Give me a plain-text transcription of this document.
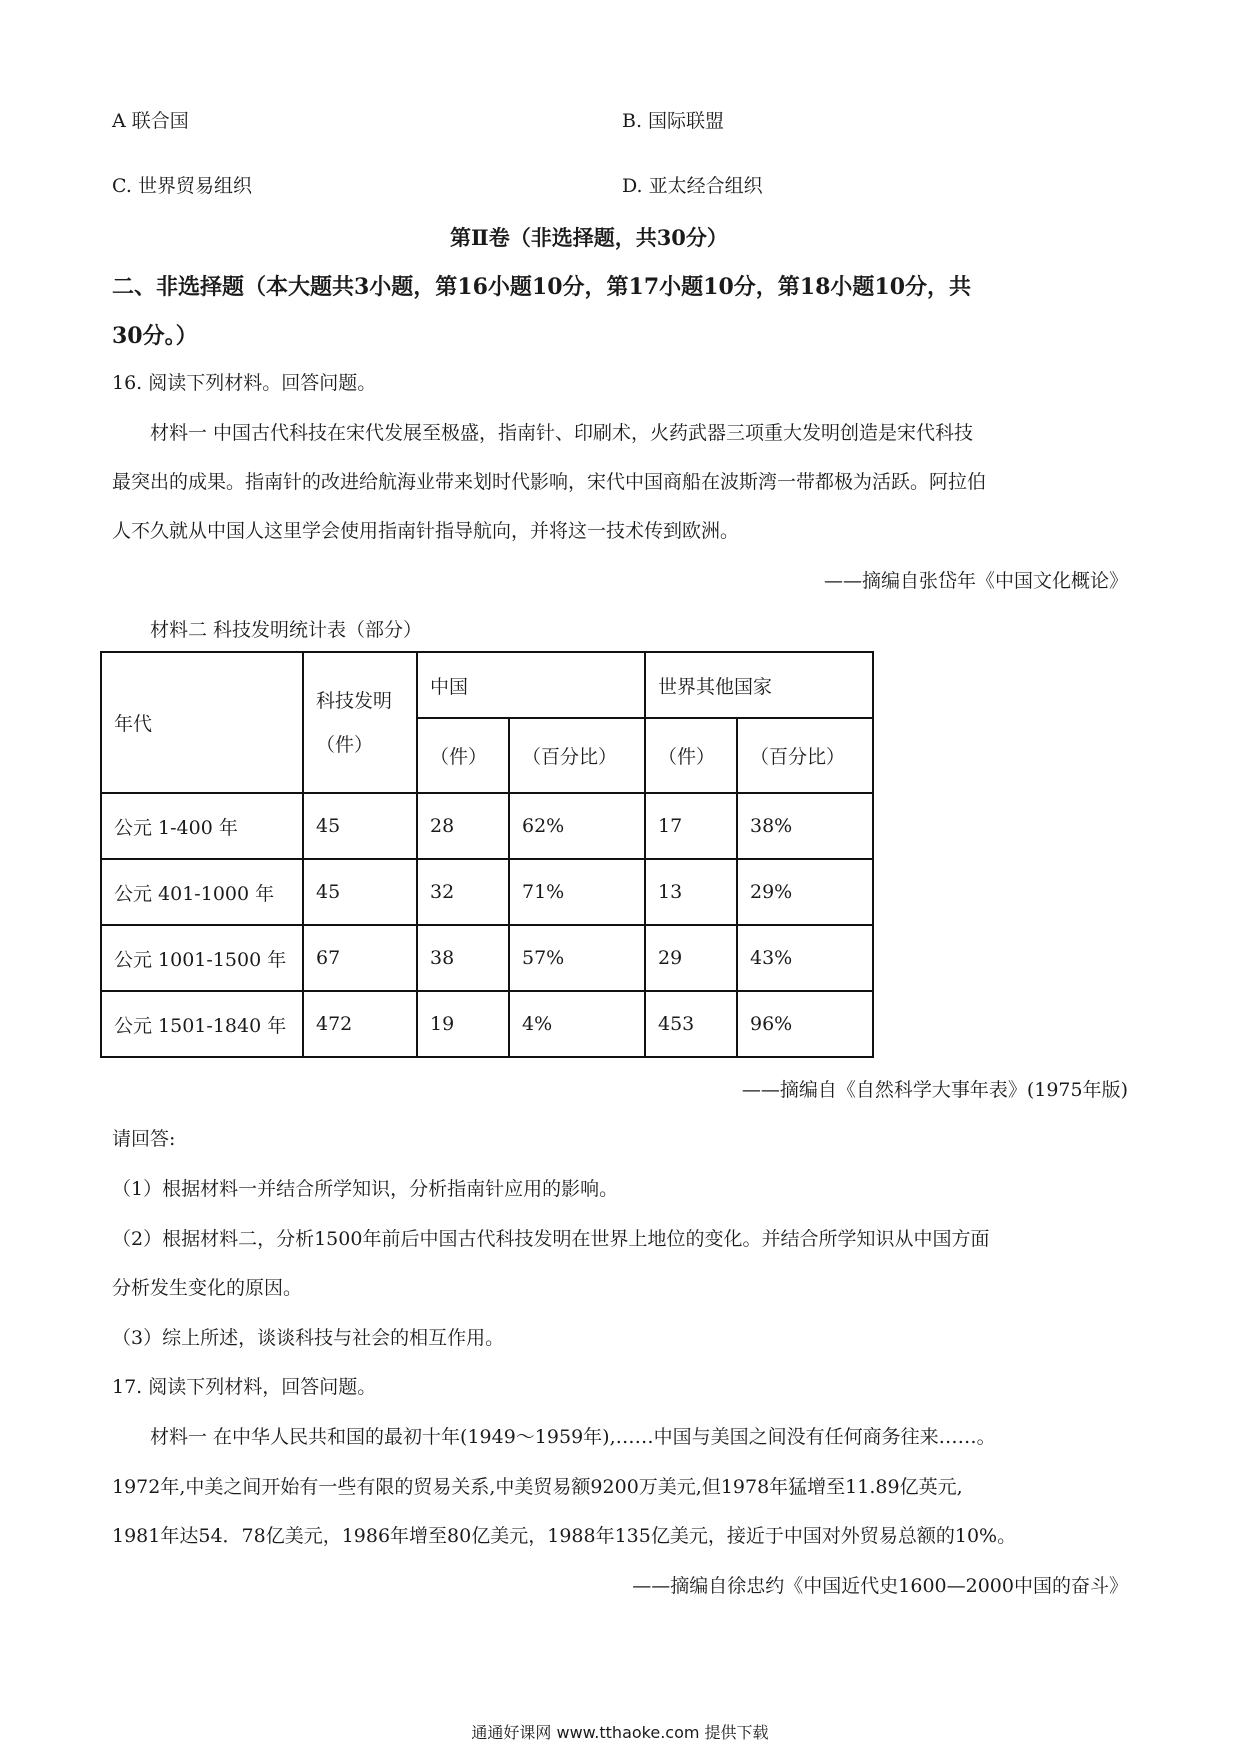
A 联合国	B. 国际联盟
C. 世界贸易组织	D. 亚太经合组织
第Ⅱ卷（非选择题，共30分）
二、非选择题（本大题共3小题，第16小题10分，第17小题10分，第18小题10分，共
30分。）
16. 阅读下列材料。回答问题。
材料一 中国古代科技在宋代发展至极盛，指南针、印刷术，火药武器三项重大发明创造是宋代科技
最突出的成果。指南针的改进给航海业带来划时代影响，宋代中国商船在波斯湾一带都极为活跃。阿拉伯
人不久就从中国人这里学会使用指南针指导航向，并将这一技术传到欧洲。
——摘编自张岱年《中国文化概论》
材料二 科技发明统计表（部分）
年代	科技发明
（件）	中国		世界其他国家	
		（件）	（百分比）	（件）	（百分比）
公元 1-400 年	45	28	62%	17	38%
公元 401-1000 年	45	32	71%	13	29%
公元 1001-1500 年	67	38	57%	29	43%
公元 1501-1840 年	472	19	4%	453	96%
——摘编自《自然科学大事年表》(1975年版)
请回答:
（1）根据材料一并结合所学知识，分析指南针应用的影响。
（2）根据材料二，分析1500年前后中国古代科技发明在世界上地位的变化。并结合所学知识从中国方面
分析发生变化的原因。
（3）综上所述，谈谈科技与社会的相互作用。
17. 阅读下列材料，回答问题。
材料一 在中华人民共和国的最初十年(1949～1959年),……中国与美国之间没有任何商务往来……。
1972年,中美之间开始有一些有限的贸易关系,中美贸易额9200万美元,但1978年猛增至11.89亿英元,
1981年达54．78亿美元，1986年增至80亿美元，1988年135亿美元，接近于中国对外贸易总额的10%。
——摘编自徐忠约《中国近代史1600—2000中国的奋斗》
通通好课网 www.tthaoke.com 提供下载
